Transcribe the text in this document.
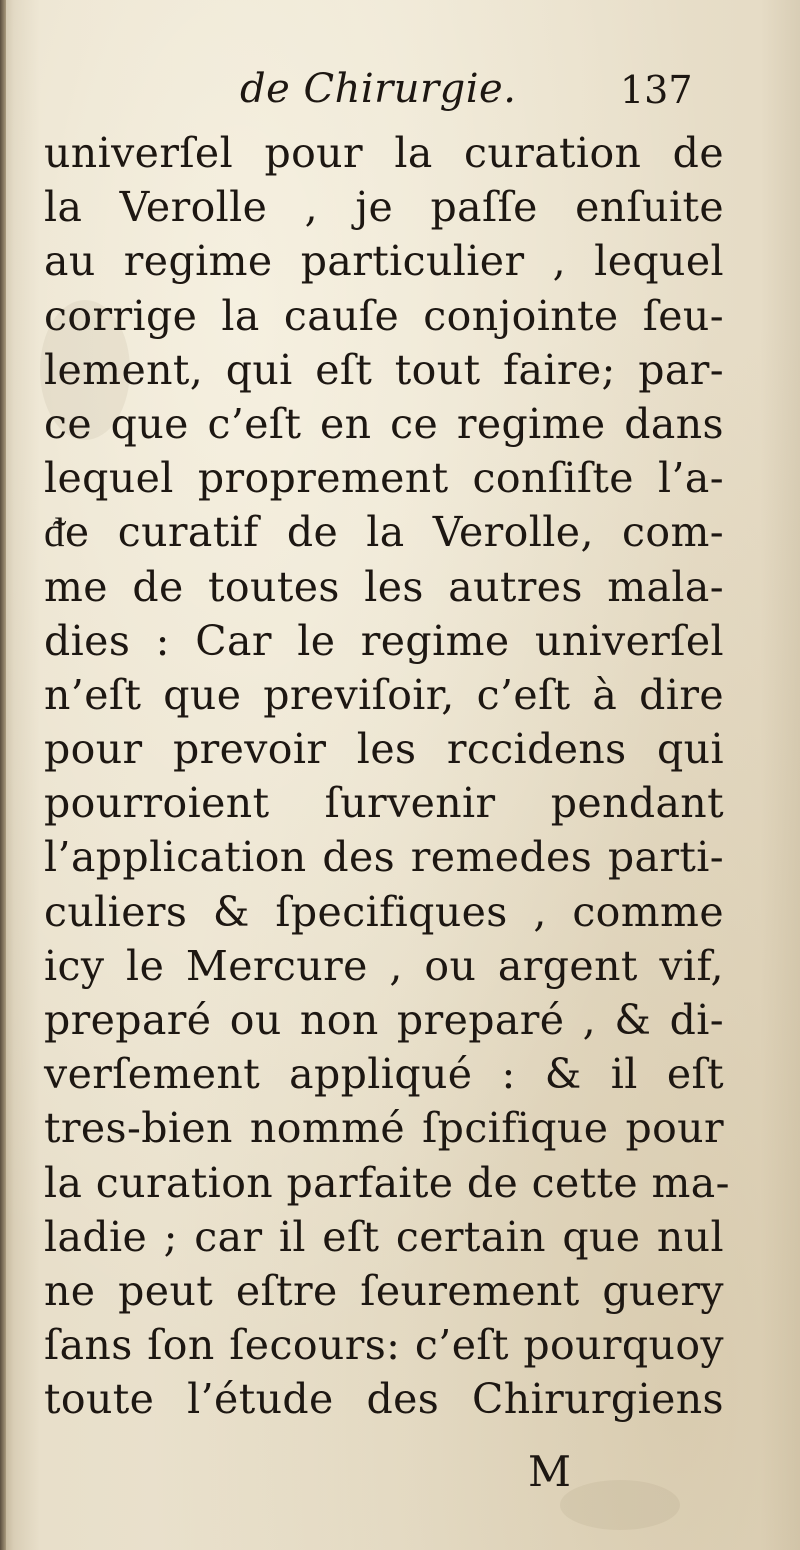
de Chirurgie.	137
univerſel pour la curation de
la Verolle , je paſſe enſuite
au regime particulier , lequel
corrige la cauſe conjointe ſeu-
lement, qui eſt tout faire; par-
ce que c’eſt en ce regime dans
lequel proprement conſiſte l’a-
ᵭe curatif de la Verolle, com-
me de toutes les autres mala-
dies : Car le regime univerſel
n’eſt que previſoir, c’eſt à dire
pour prevoir les rccidens qui
pourroient ſurvenir pendant
l’application des remedes parti-
culiers & ſpecifiques , comme
icy le Mercure , ou argent vif,
preparé ou non preparé , & di-
verſement appliqué : & il eſt
tres-bien nommé ſpcifique pour
la curation parfaite de cette ma-
ladie ; car il eſt certain que nul
ne peut eſtre ſeurement guery
ſans ſon ſecours: c’eſt pourquoy
toute l’étude des Chirurgiens
M
